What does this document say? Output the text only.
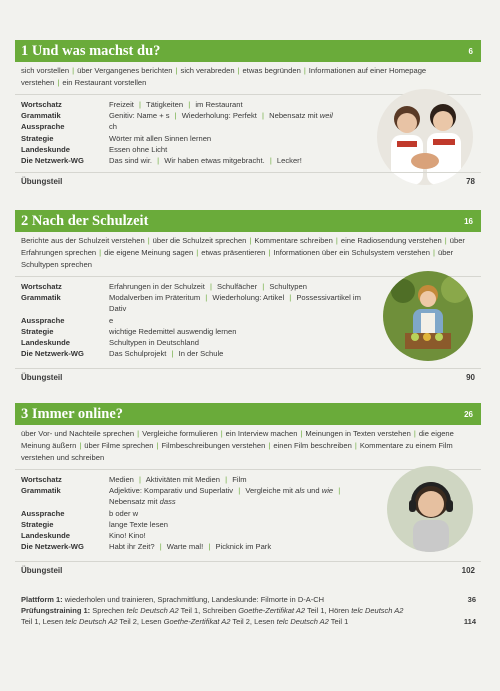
1 Und was machst du?	6
sich vorstellen | über Vergangenes berichten | sich verabreden | etwas begründen | Informationen auf einer Homepage verstehen | ein Restaurant vorstellen
Wortschatz	Freizeit | Tätigkeiten | im Restaurant
Grammatik	Genitiv: Name + s | Wiederholung: Perfekt | Nebensatz mit weil
Aussprache	ch
Strategie	Wörter mit allen Sinnen lernen
Landeskunde	Essen ohne Licht
Die Netzwerk-WG	Das sind wir. | Wir haben etwas mitgebracht. | Lecker!
Übungsteil	78
2 Nach der Schulzeit	16
Berichte aus der Schulzeit verstehen | über die Schulzeit sprechen | Kommentare schreiben | eine Radiosendung verstehen | über Erfahrungen sprechen | die eigene Meinung sagen | etwas präsentieren | Informationen über ein Schulsystem verstehen | über Schultypen sprechen
Wortschatz	Erfahrungen in der Schulzeit | Schulfächer | Schultypen
Grammatik	Modalverben im Präteritum | Wiederholung: Artikel | Possessivartikel im Dativ
Aussprache	e
Strategie	wichtige Redemittel auswendig lernen
Landeskunde	Schultypen in Deutschland
Die Netzwerk-WG	Das Schulprojekt | In der Schule
Übungsteil	90
3 Immer online?	26
über Vor- und Nachteile sprechen | Vergleiche formulieren | ein Interview machen | Meinungen in Texten verstehen | die eigene Meinung äußern | über Filme sprechen | Filmbeschreibungen verstehen | einen Film beschreiben | Kommentare zu einem Film verstehen und schreiben
Wortschatz	Medien | Aktivitäten mit Medien | Film
Grammatik	Adjektive: Komparativ und Superlativ | Vergleiche mit als und wie | Nebensatz mit dass
Aussprache	b oder w
Strategie	lange Texte lesen
Landeskunde	Kino! Kino!
Die Netzwerk-WG	Habt ihr Zeit? | Warte mal! | Picknick im Park
Übungsteil	102
Plattform 1: wiederholen und trainieren, Sprachmittlung, Landeskunde: Filmorte in D-A-CH	36
Prüfungstraining 1: Sprechen telc Deutsch A2 Teil 1, Schreiben Goethe-Zertifikat A2 Teil 1, Hören telc Deutsch A2
Teil 1, Lesen telc Deutsch A2 Teil 2, Lesen Goethe-Zertifikat A2 Teil 2, Lesen telc Deutsch A2 Teil 1	114
